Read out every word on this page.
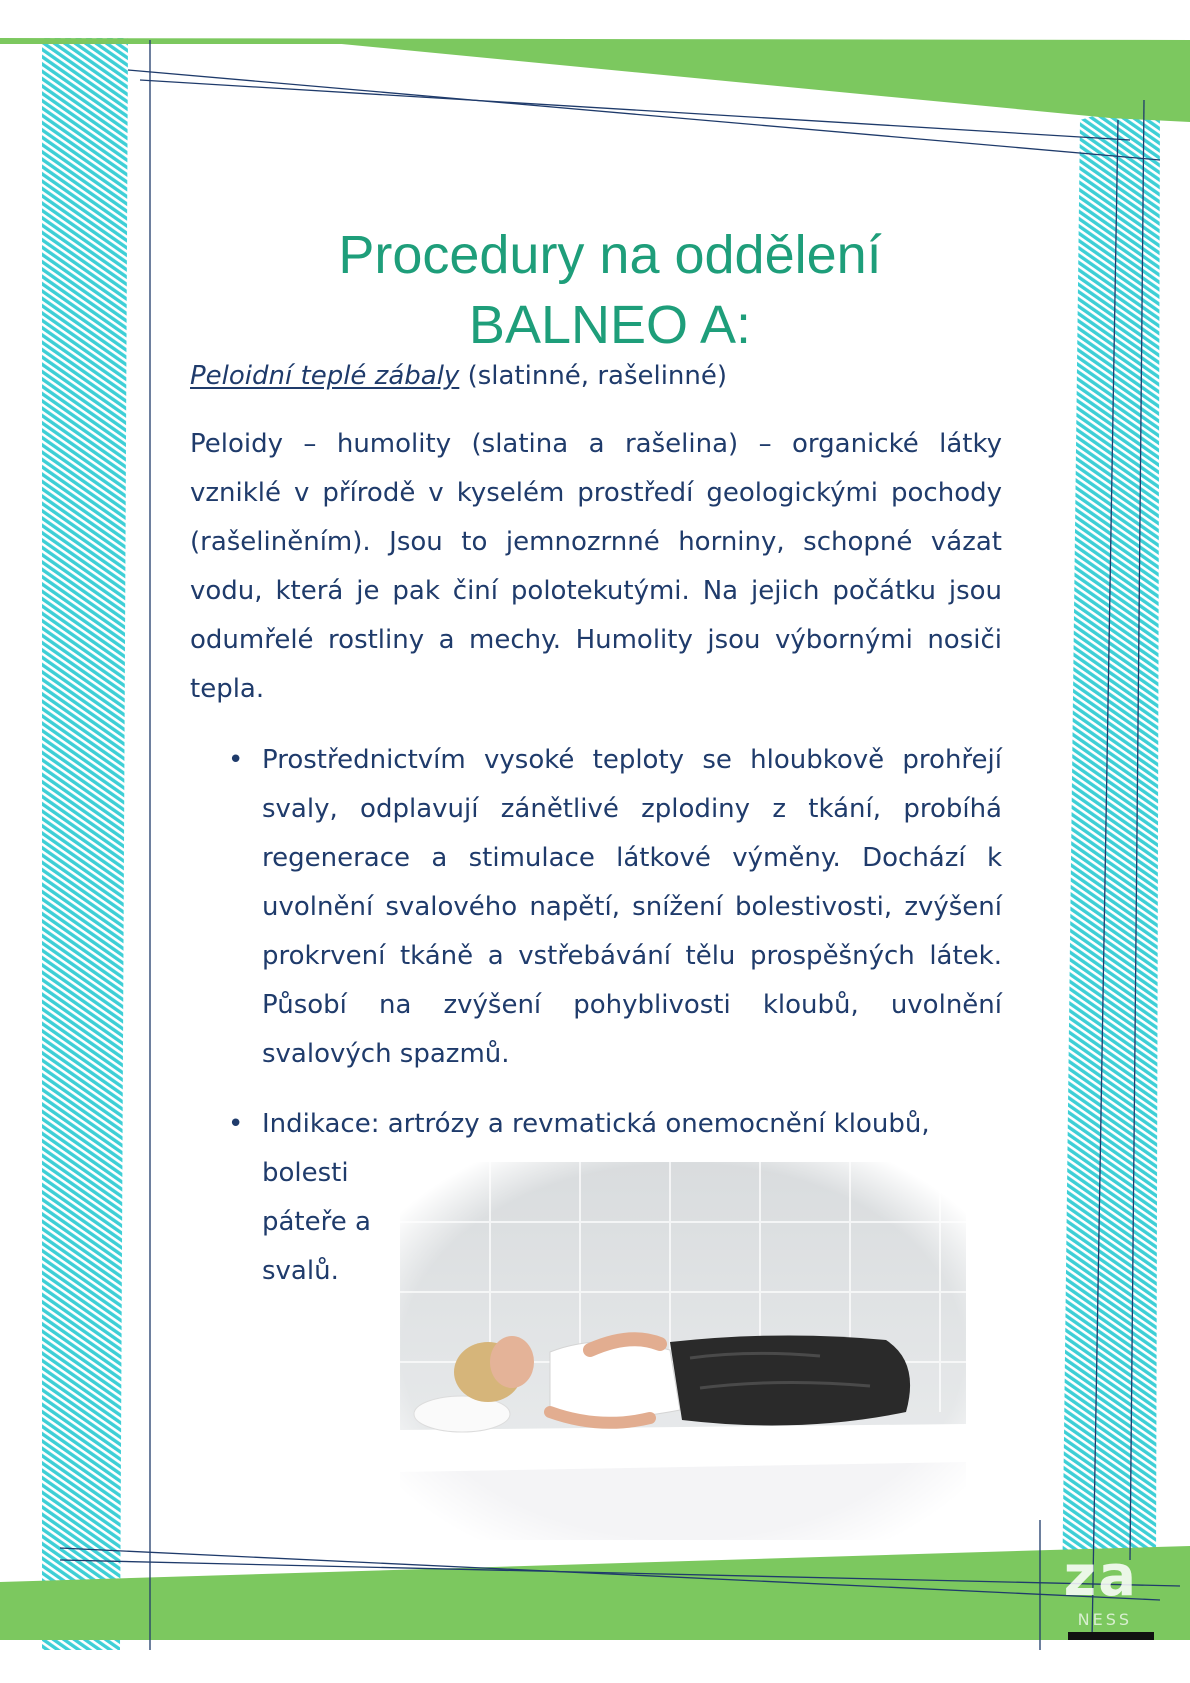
Procedury na oddělení
BALNEO A:
Peloidní teplé zábaly (slatinné, rašelinné)

Peloidy – humolity (slatina a rašelina) – organické látky vzniklé v přírodě v kyselém prostředí geologickými pochody (rašeliněním). Jsou to jemnozrnné horniny, schopné vázat vodu, která je pak činí polotekutými. Na jejich počátku jsou odumřelé rostliny a mechy. Humolity jsou výbornými nosiči tepla.

• Prostřednictvím vysoké teploty se hloubkově prohřejí svaly, odplavují zánětlivé zplodiny z tkání, probíhá regenerace a stimulace látkové výměny. Dochází k uvolnění svalového napětí, snížení bolestivosti, zvýšení prokrvení tkáně a vstřebávání tělu prospěšných látek. Působí na zvýšení pohyblivosti kloubů, uvolnění svalových spazmů.

• Indikace: artrózy a revmatická onemocnění kloubů,

bolesti páteře a svalů.

za
NESS
